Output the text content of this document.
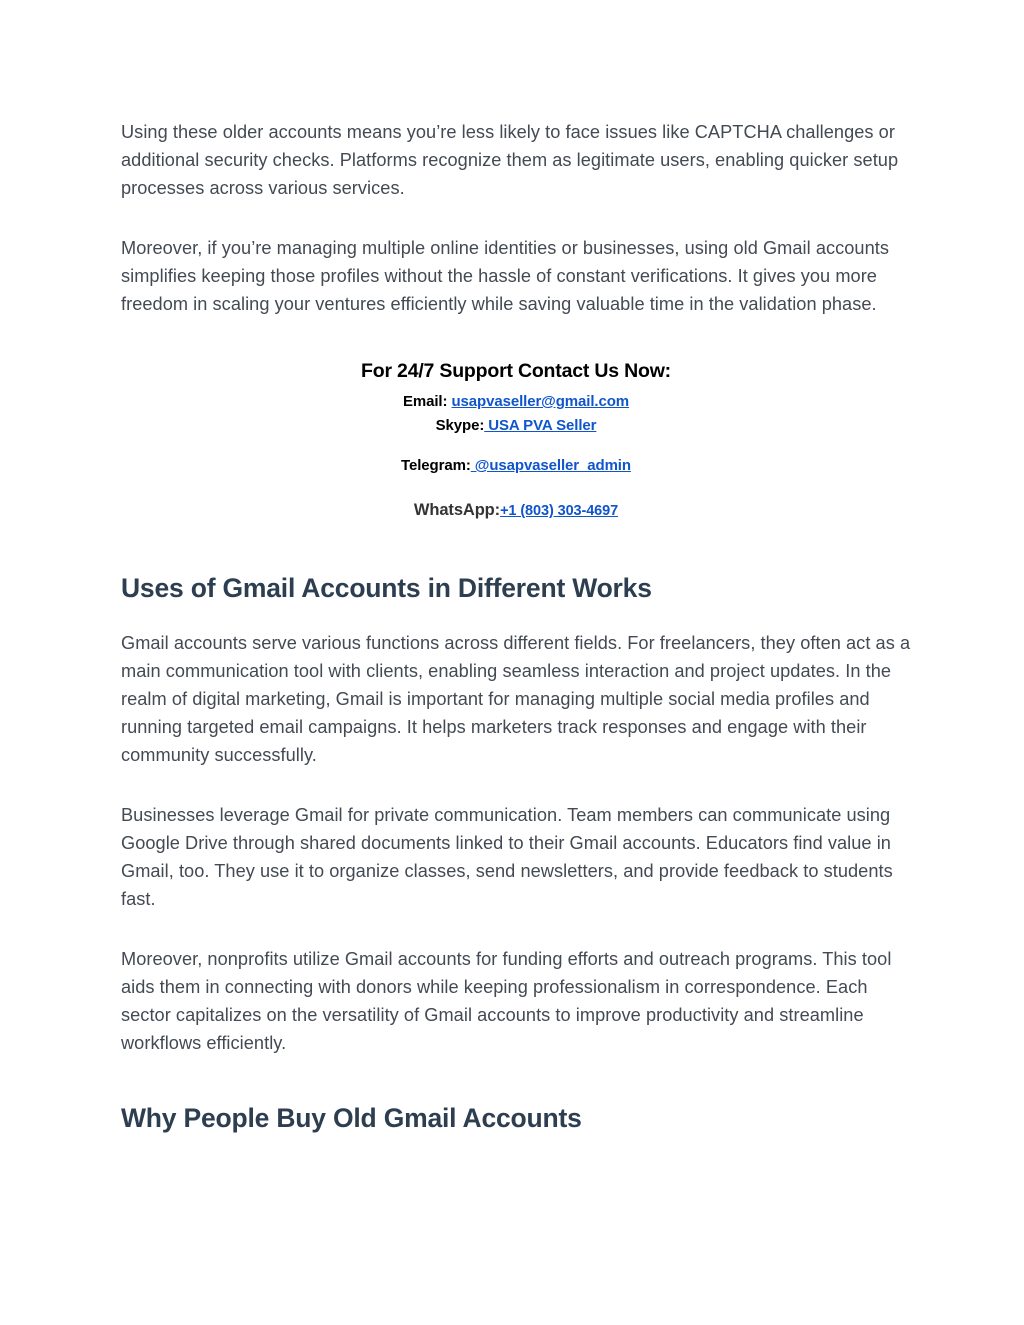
Using these older accounts means you’re less likely to face issues like CAPTCHA challenges or additional security checks. Platforms recognize them as legitimate users, enabling quicker setup processes across various services.

Moreover, if you’re managing multiple online identities or businesses, using old Gmail accounts simplifies keeping those profiles without the hassle of constant verifications. It gives you more freedom in scaling your ventures efficiently while saving valuable time in the validation phase.

For 24/7 Support Contact Us Now:

Email: usapvaseller@gmail.com

Skype: USA PVA Seller

Telegram: @usapvaseller_admin

WhatsApp:+1 (803) 303-4697

Uses of Gmail Accounts in Different Works

Gmail accounts serve various functions across different fields. For freelancers, they often act as a main communication tool with clients, enabling seamless interaction and project updates. In the realm of digital marketing, Gmail is important for managing multiple social media profiles and running targeted email campaigns. It helps marketers track responses and engage with their community successfully.

Businesses leverage Gmail for private communication. Team members can communicate using Google Drive through shared documents linked to their Gmail accounts. Educators find value in Gmail, too. They use it to organize classes, send newsletters, and provide feedback to students fast.

Moreover, nonprofits utilize Gmail accounts for funding efforts and outreach programs. This tool aids them in connecting with donors while keeping professionalism in correspondence. Each sector capitalizes on the versatility of Gmail accounts to improve productivity and streamline workflows efficiently.

Why People Buy Old Gmail Accounts
